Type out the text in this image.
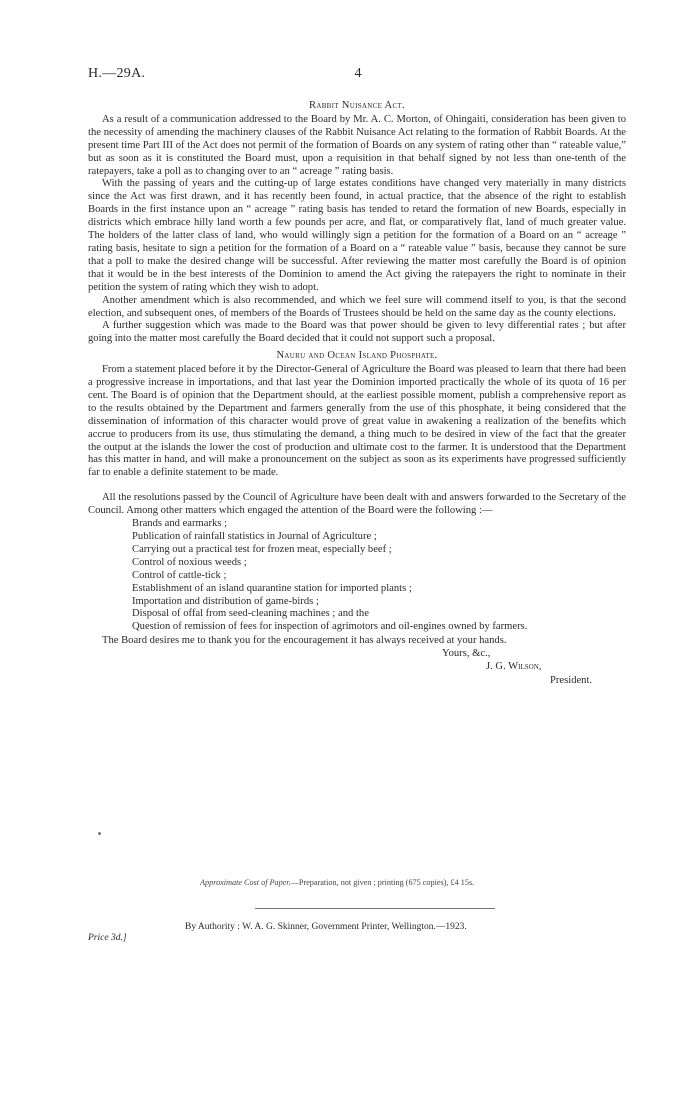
H.—29A.	4
Rabbit Nuisance Act.

As a result of a communication addressed to the Board by Mr. A. C. Morton, of Ohingaiti, consideration has been given to the necessity of amending the machinery clauses of the Rabbit Nuisance Act relating to the formation of Rabbit Boards. At the present time Part III of the Act does not permit of the formation of Boards on any system of rating other than “ rateable value,” but as soon as it is constituted the Board must, upon a requisition in that behalf signed by not less than one-tenth of the ratepayers, take a poll as to changing over to an “ acreage ” rating basis.

With the passing of years and the cutting-up of large estates conditions have changed very materially in many districts since the Act was first drawn, and it has recently been found, in actual practice, that the absence of the right to establish Boards in the first instance upon an “ acreage ” rating basis has tended to retard the formation of new Boards, especially in districts which embrace hilly land worth a few pounds per acre, and flat, or comparatively flat, land of much greater value. The holders of the latter class of land, who would willingly sign a petition for the formation of a Board on an “ acreage ” rating basis, hesitate to sign a petition for the formation of a Board on a “ rateable value ” basis, because they cannot be sure that a poll to make the desired change will be successful. After reviewing the matter most carefully the Board is of opinion that it would be in the best interests of the Dominion to amend the Act giving the ratepayers the right to nominate in their petition the system of rating which they wish to adopt.

Another amendment which is also recommended, and which we feel sure will commend itself to you, is that the second election, and subsequent ones, of members of the Boards of Trustees should be held on the same day as the county elections.

A further suggestion which was made to the Board was that power should be given to levy differential rates ; but after going into the matter most carefully the Board decided that it could not support such a proposal.

Nauru and Ocean Island Phosphate.

From a statement placed before it by the Director-General of Agriculture the Board was pleased to learn that there had been a progressive increase in importations, and that last year the Dominion imported practically the whole of its quota of 16 per cent. The Board is of opinion that the Department should, at the earliest possible moment, publish a comprehensive report as to the results obtained by the Department and farmers generally from the use of this phosphate, it being considered that the dissemination of information of this character would prove of great value in awakening a realization of the benefits which accrue to producers from its use, thus stimulating the demand, a thing much to be desired in view of the fact that the greater the output at the islands the lower the cost of production and ultimate cost to the farmer. It is understood that the Department has this matter in hand, and will make a pronouncement on the subject as soon as its experiments have progressed sufficiently far to enable a definite statement to be made.

All the resolutions passed by the Council of Agriculture have been dealt with and answers forwarded to the Secretary of the Council. Among other matters which engaged the attention of the Board were the following :—

Brands and earmarks ;
Publication of rainfall statistics in Journal of Agriculture ;
Carrying out a practical test for frozen meat, especially beef ;
Control of noxious weeds ;
Control of cattle-tick ;
Establishment of an island quarantine station for imported plants ;
Importation and distribution of game-birds ;
Disposal of offal from seed-cleaning machines ; and the
Question of remission of fees for inspection of agrimotors and oil-engines owned by farmers.

The Board desires me to thank you for the encouragement it has always received at your hands.

Yours, &c.,
J. G. Wilson,
President.
Approximate Cost of Paper.—Preparation, not given ; printing (675 copies), £4 15s.
By Authority : W. A. G. Skinner, Government Printer, Wellington.—1923.
Price 3d.]
